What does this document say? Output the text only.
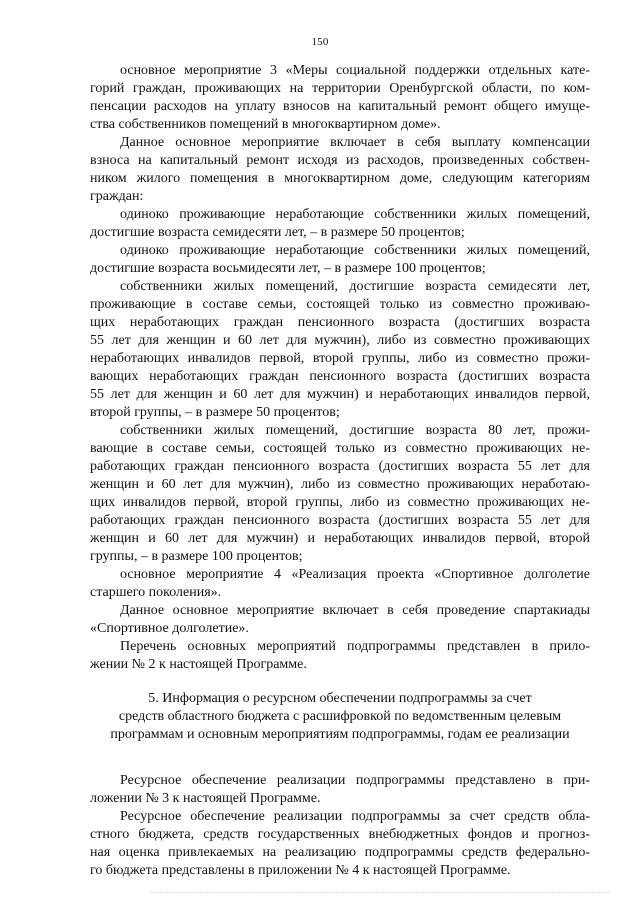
150
основное мероприятие 3 «Меры социальной поддержки отдельных кате-
горий граждан, проживающих на территории Оренбургской области, по ком-
пенсации расходов на уплату взносов на капитальный ремонт общего имуще-
ства собственников помещений в многоквартирном доме».
Данное основное мероприятие включает в себя выплату компенсации
взноса на капитальный ремонт исходя из расходов, произведенных собствен-
ником жилого помещения в многоквартирном доме, следующим категориям
граждан:
одиноко проживающие неработающие собственники жилых помещений,
достигшие возраста семидесяти лет, – в размере 50 процентов;
одиноко проживающие неработающие собственники жилых помещений,
достигшие возраста восьмидесяти лет, – в размере 100 процентов;
собственники жилых помещений, достигшие возраста семидесяти лет,
проживающие в составе семьи, состоящей только из совместно проживаю-
щих неработающих граждан пенсионного возраста (достигших возраста
55 лет для женщин и 60 лет для мужчин), либо из совместно проживающих
неработающих инвалидов первой, второй группы, либо из совместно прожи-
вающих неработающих граждан пенсионного возраста (достигших возраста
55 лет для женщин и 60 лет для мужчин) и неработающих инвалидов первой,
второй группы, – в размере 50 процентов;
собственники жилых помещений, достигшие возраста 80 лет, прожи-
вающие в составе семьи, состоящей только из совместно проживающих не-
работающих граждан пенсионного возраста (достигших возраста 55 лет для
женщин и 60 лет для мужчин), либо из совместно проживающих неработаю-
щих инвалидов первой, второй группы, либо из совместно проживающих не-
работающих граждан пенсионного возраста (достигших возраста 55 лет для
женщин и 60 лет для мужчин) и неработающих инвалидов первой, второй
группы, – в размере 100 процентов;
основное мероприятие 4 «Реализация проекта «Спортивное долголетие
старшего поколения».
Данное основное мероприятие включает в себя проведение спартакиады
«Спортивное долголетие».
Перечень основных мероприятий подпрограммы представлен в прило-
жении № 2 к настоящей Программе.
5. Информация о ресурсном обеспечении подпрограммы за счет
средств областного бюджета с расшифровкой по ведомственным целевым
программам и основным мероприятиям подпрограммы, годам ее реализации
Ресурсное обеспечение реализации подпрограммы представлено в при-
ложении № 3 к настоящей Программе.
Ресурсное обеспечение реализации подпрограммы за счет средств обла-
стного бюджета, средств государственных внебюджетных фондов и прогноз-
ная оценка привлекаемых на реализацию подпрограммы средств федерально-
го бюджета представлены в приложении № 4 к настоящей Программе.
